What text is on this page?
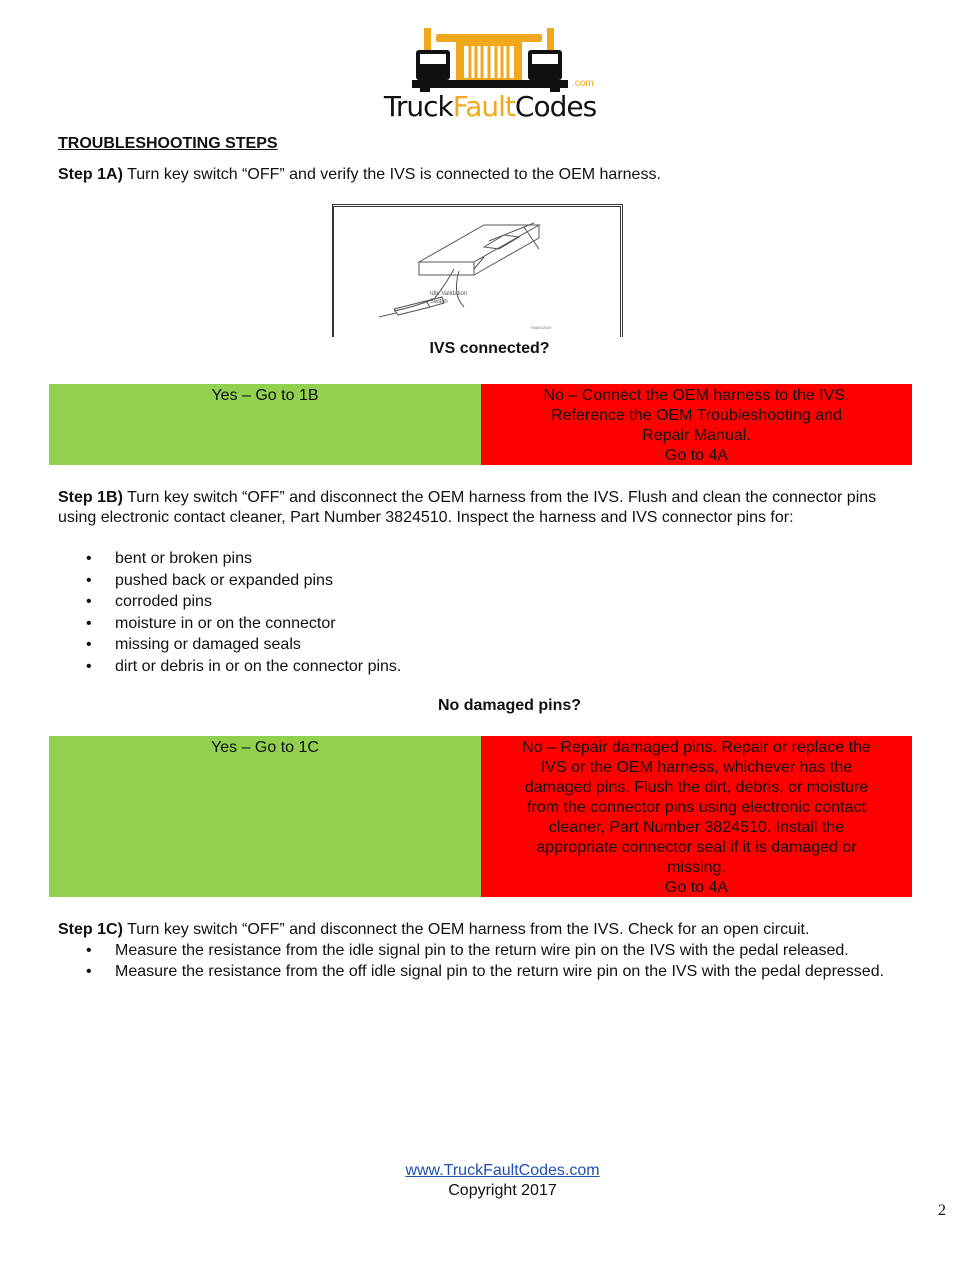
.com
TruckFaultCodes
TROUBLESHOOTING STEPS

Step 1A) Turn key switch “OFF” and verify the IVS is connected to the OEM harness.

Idle Validation
Switch
TM8002020

IVS connected?

Yes – Go to 1B	No – Connect the OEM harness to the IVS.
Reference the OEM Troubleshooting and
Repair Manual.
Go to 4A

Step 1B) Turn key switch “OFF” and disconnect the OEM harness from the IVS. Flush and clean the connector pins using electronic contact cleaner, Part Number 3824510. Inspect the harness and IVS connector pins for:

• bent or broken pins
• pushed back or expanded pins
• corroded pins
• moisture in or on the connector
• missing or damaged seals
• dirt or debris in or on the connector pins.

No damaged pins?

Yes – Go to 1C	No – Repair damaged pins. Repair or replace the
IVS or the OEM harness, whichever has the
damaged pins. Flush the dirt, debris, or moisture
from the connector pins using electronic contact
cleaner, Part Number 3824510. Install the
appropriate connector seal if it is damaged or
missing.
Go to 4A

Step 1C) Turn key switch “OFF” and disconnect the OEM harness from the IVS. Check for an open circuit.

• Measure the resistance from the idle signal pin to the return wire pin on the IVS with the pedal released.
• Measure the resistance from the off idle signal pin to the return wire pin on the IVS with the pedal depressed.
www.TruckFaultCodes.com
Copyright 2017
2
